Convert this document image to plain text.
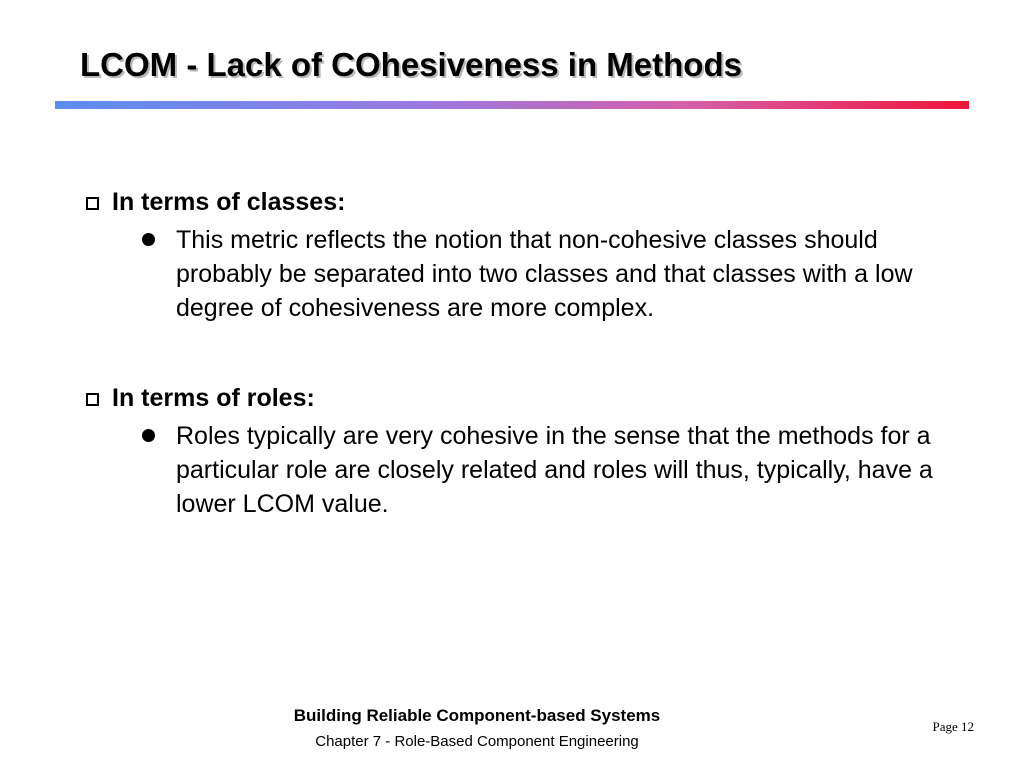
LCOM - Lack of COhesiveness in Methods
In terms of classes:
This metric reflects the notion that non-cohesive classes should probably be separated into two classes and that classes with a low degree of cohesiveness are more complex.
In terms of roles:
Roles typically are very cohesive in the sense that the methods for a particular role are closely related and roles will thus, typically, have a lower LCOM value.
Building Reliable Component-based Systems
Chapter 7 - Role-Based Component Engineering
Page 12
